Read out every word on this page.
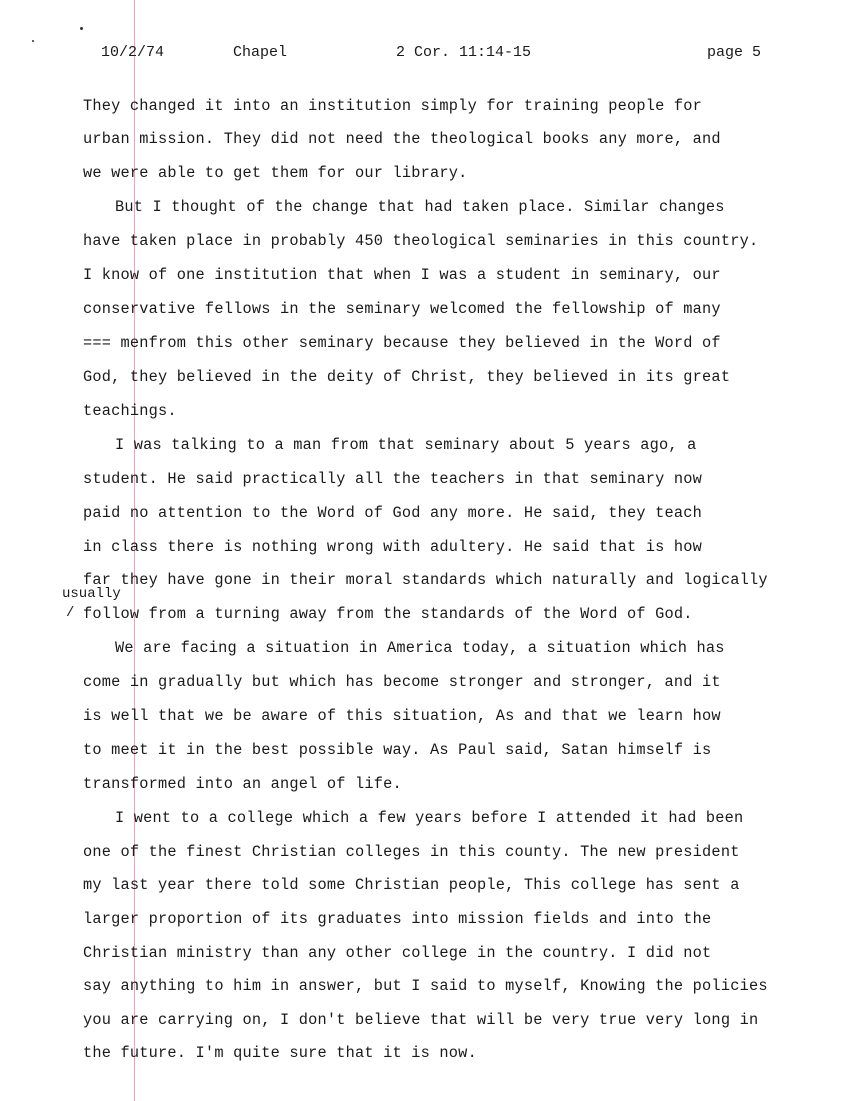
10/2/74	Chapel	2 Cor. 11:14-15	page 5
They changed it into an institution simply for training people for
urban mission. They did not need the theological books any more, and
we were able to get them for our library.
But I thought of the change that had taken place. Similar changes
have taken place in probably 450 theological seminaries in this country.
I know of one institution that when I was a student in seminary, our
conservative fellows in the seminary welcomed the fellowship of many
=== menfrom this other seminary because they believed in the Word of
God, they believed in the deity of Christ, they believed in its great
teachings.
I was talking to a man from that seminary about 5 years ago, a
student. He said practically all the teachers in that seminary now
paid no attention to the Word of God any more. He said, they teach
in class there is nothing wrong with adultery. He said that is how
far they have gone in their moral standards which naturally and logically
usually
/ follow from a turning away from the standards of the Word of God.
We are facing a situation in America today, a situation which has
come in gradually but which has become stronger and stronger, and it
is well that we be aware of this situation, As and that we learn how
to meet it in the best possible way. As Paul said, Satan himself is
transformed into an angel of life.
I went to a college which a few years before I attended it had been
one of the finest Christian colleges in this county. The new president
my last year there told some Christian people, This college has sent a
larger proportion of its graduates into mission fields and into the
Christian ministry than any other college in the country. I did not
say anything to him in answer, but I said to myself, Knowing the policies
you are carrying on, I don't believe that will be very true very long in
the future. I'm quite sure that it is now.
